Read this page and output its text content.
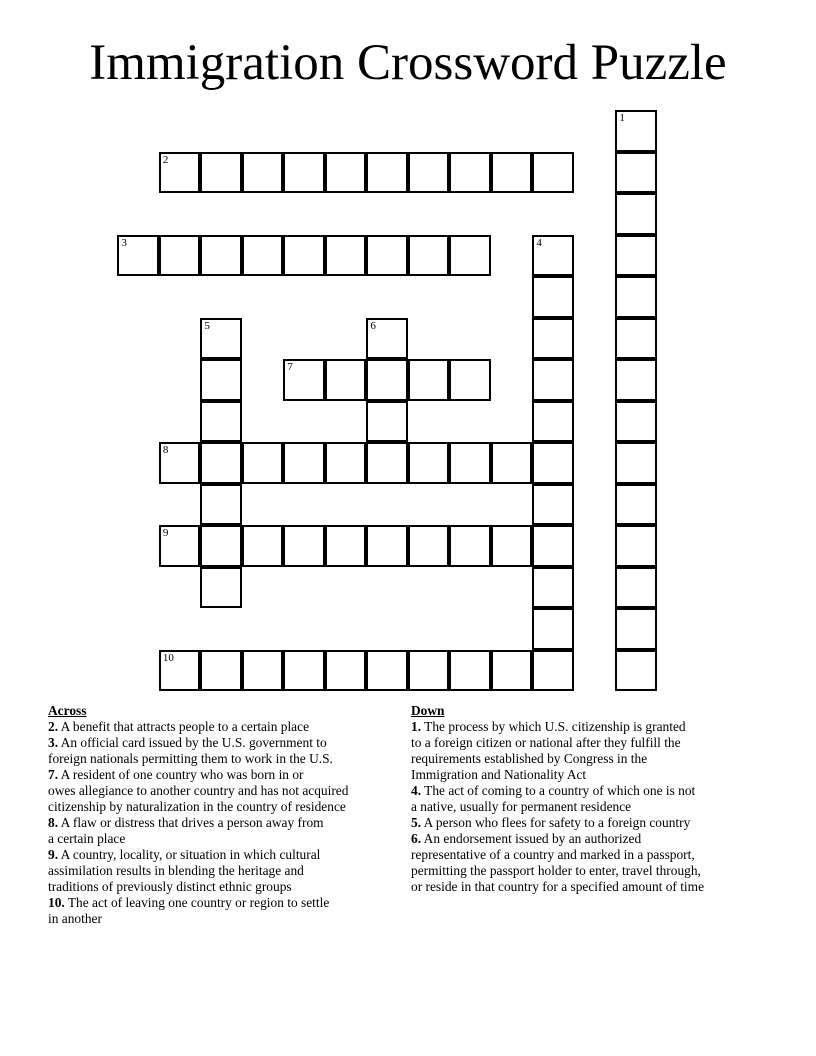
Immigration Crossword Puzzle
1
2
3	4
5	6
7
8
9
10
Across

2. A benefit that attracts people to a certain place

3. An official card issued by the U.S. government to
foreign nationals permitting them to work in the U.S.

7. A resident of one country who was born in or
owes allegiance to another country and has not acquired
citizenship by naturalization in the country of residence

8. A flaw or distress that drives a person away from
a certain place

9. A country, locality, or situation in which cultural
assimilation results in blending the heritage and
traditions of previously distinct ethnic groups

10. The act of leaving one country or region to settle
in another

Down

1. The process by which U.S. citizenship is granted
to a foreign citizen or national after they fulfill the
requirements established by Congress in the
Immigration and Nationality Act

4. The act of coming to a country of which one is not
a native, usually for permanent residence

5. A person who flees for safety to a foreign country

6. An endorsement issued by an authorized
representative of a country and marked in a passport,
permitting the passport holder to enter, travel through,
or reside in that country for a specified amount of time
